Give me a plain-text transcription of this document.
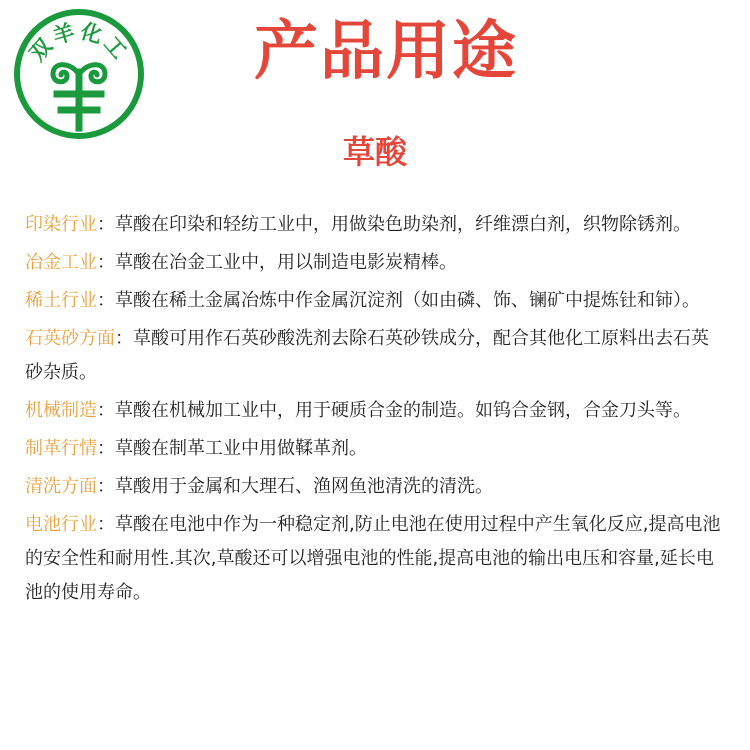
双羊化工	产品用途
草酸
印染行业：草酸在印染和轻纺工业中，用做染色助染剂，纤维漂白剂，织物除锈剂。
冶金工业：草酸在冶金工业中，用以制造电影炭精棒。
稀土行业：草酸在稀土金属冶炼中作金属沉淀剂（如由磷、饰、镧矿中提炼钍和铈）。
石英砂方面：草酸可用作石英砂酸洗剂去除石英砂铁成分，配合其他化工原料出去石英砂杂质。
机械制造：草酸在机械加工业中，用于硬质合金的制造。如钨合金钢，合金刀头等。
制革行情：草酸在制革工业中用做鞣革剂。
清洗方面：草酸用于金属和大理石、渔网鱼池清洗的清洗。
电池行业：草酸在电池中作为一种稳定剂,防止电池在使用过程中产生氧化反应,提高电池的安全性和耐用性.其次,草酸还可以增强电池的性能,提高电池的输出电压和容量,延长电池的使用寿命。
